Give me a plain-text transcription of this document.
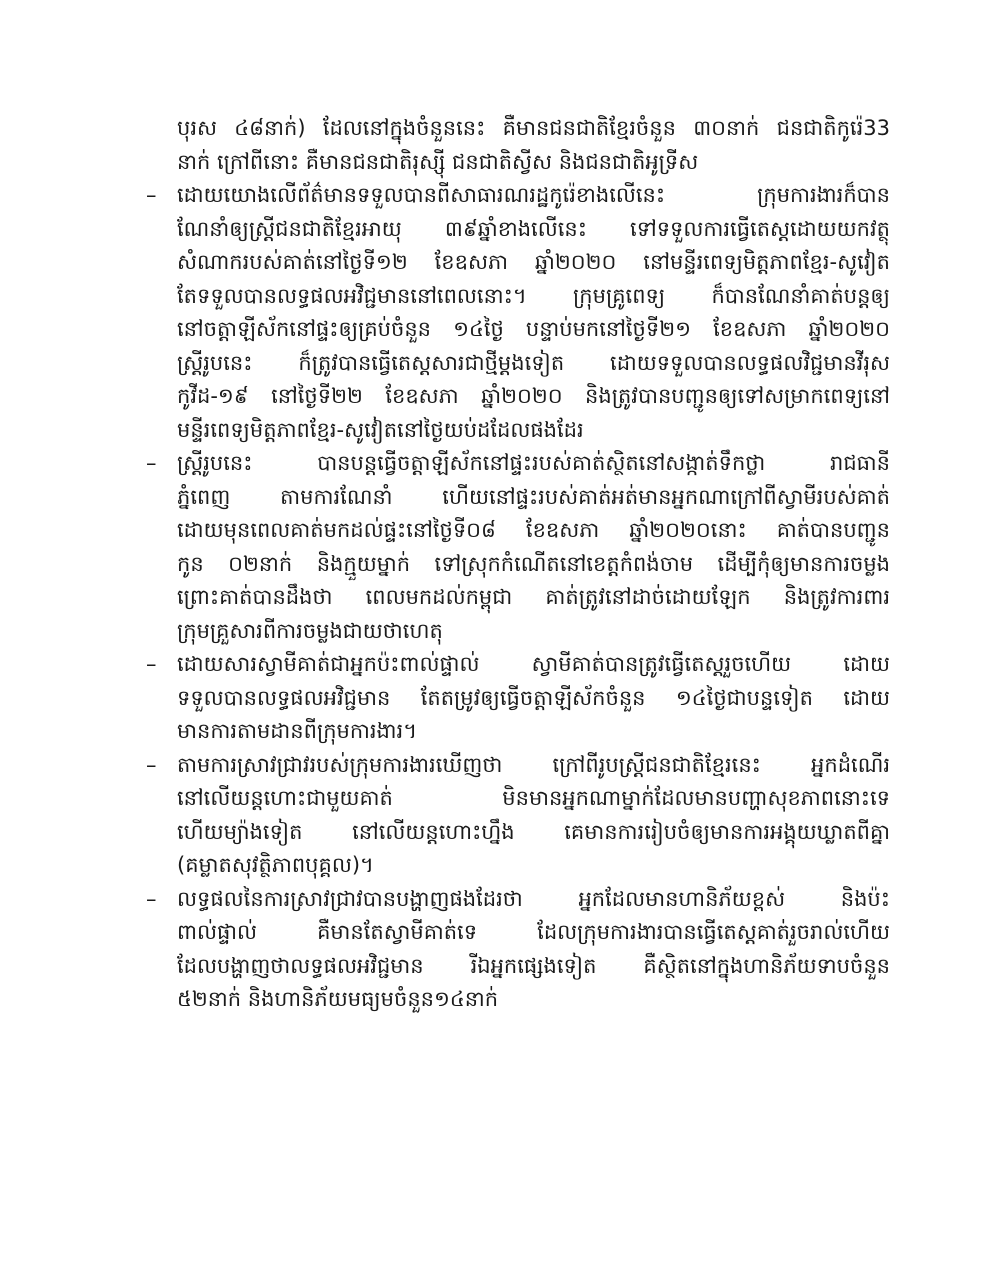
បុរស ៤៨នាក់) ដែលនៅក្នុងចំនួននេះ គឺមានជនជាតិខ្មែរចំនួន ៣០នាក់ ជនជាតិកូរ៉េ33
នាក់ ក្រៅពីនោះ គឺមានជនជាតិរុស្ស៊ី ជនជាតិស្វីស និងជនជាតិអូទ្រីស
– ដោយយោងលើព័ត៌មានទទួលបានពីសាធារណរដ្ឋកូរ៉េខាងលើនេះ ក្រុមការងារក៏បាន
ណែនាំឲ្យស្ត្រីជនជាតិខ្មែរអាយុ ៣៩ឆ្នាំខាងលើនេះ ទៅទទួលការធ្វើតេស្តដោយយកវត្ថុ
សំណាករបស់គាត់នៅថ្ងៃទី១២ ខែឧសភា ឆ្នាំ២០២០ នៅមន្ទីរពេទ្យមិត្តភាពខ្មែរ-សូវៀត
តែទទួលបានលទ្ធផលអវិជ្ជមាននៅពេលនោះ។ ក្រុមគ្រូពេទ្យ ក៏បានណែនាំគាត់បន្តឲ្យ
នៅចត្តាឡីស័កនៅផ្ទះឲ្យគ្រប់ចំនួន ១៤ថ្ងៃ បន្ទាប់មកនៅថ្ងៃទី២១ ខែឧសភា ឆ្នាំ២០២០
ស្ត្រីរូបនេះ ក៏ត្រូវបានធ្វើតេស្តសារជាថ្មីម្តងទៀត ដោយទទួលបានលទ្ធផលវិជ្ជមានវីរុស
កូវីដ-១៩ នៅថ្ងៃទី២២ ខែឧសភា ឆ្នាំ២០២០ និងត្រូវបានបញ្ជូនឲ្យទៅសម្រាកពេទ្យនៅ
មន្ទីរពេទ្យមិត្តភាពខ្មែរ-សូវៀតនៅថ្ងៃយប់ដដែលផងដែរ
– ស្ត្រីរូបនេះ បានបន្តធ្វើចត្តាឡីស័កនៅផ្ទះរបស់គាត់ស្ថិតនៅសង្កាត់ទឹកថ្លា រាជធានី
ភ្នំពេញ តាមការណែនាំ ហើយនៅផ្ទះរបស់គាត់អត់មានអ្នកណាក្រៅពីស្វាមីរបស់គាត់
ដោយមុនពេលគាត់មកដល់ផ្ទះនៅថ្ងៃទី០៨ ខែឧសភា ឆ្នាំ២០២០នោះ គាត់បានបញ្ជូន
កូន ០២នាក់ និងក្មួយម្នាក់ ទៅស្រុកកំណើតនៅខេត្តកំពង់ចាម ដើម្បីកុំឲ្យមានការចម្លង
ព្រោះគាត់បានដឹងថា ពេលមកដល់កម្ពុជា គាត់ត្រូវនៅដាច់ដោយឡែក និងត្រូវការពារ
ក្រុមគ្រួសារពីការចម្លងជាយថាហេតុ
– ដោយសារស្វាមីគាត់ជាអ្នកប៉ះពាល់ផ្ទាល់ ស្វាមីគាត់បានត្រូវធ្វើតេស្តរួចហើយ ដោយ
ទទួលបានលទ្ធផលអវិជ្ជមាន តែតម្រូវឲ្យធ្វើចត្តាឡីស័កចំនួន ១៤ថ្ងៃជាបន្ទទៀត ដោយ
មានការតាមដានពីក្រុមការងារ។
– តាមការស្រាវជ្រាវរបស់ក្រុមការងារឃើញថា ក្រៅពីរូបស្ត្រីជនជាតិខ្មែរនេះ អ្នកដំណើរ
នៅលើយន្តហោះជាមួយគាត់ មិនមានអ្នកណាម្នាក់ដែលមានបញ្ហាសុខភាពនោះទេ
ហើយម្យ៉ាងទៀត នៅលើយន្តហោះហ្នឹង គេមានការរៀបចំឲ្យមានការអង្គុយឃ្លាតពីគ្នា
(គម្លាតសុវត្ថិភាពបុគ្គល)។
– លទ្ធផលនៃការស្រាវជ្រាវបានបង្ហាញផងដែរថា អ្នកដែលមានហានិភ័យខ្ពស់ និងប៉ះ
ពាល់ផ្ទាល់ គឺមានតែស្វាមីគាត់ទេ ដែលក្រុមការងារបានធ្វើតេស្តគាត់រួចរាល់ហើយ
ដែលបង្ហាញថាលទ្ធផលអវិជ្ជមាន រីឯអ្នកផ្សេងទៀត គឺស្ថិតនៅក្នុងហានិភ័យទាបចំនួន
៥២នាក់ និងហានិភ័យមធ្យមចំនួន១៤នាក់
